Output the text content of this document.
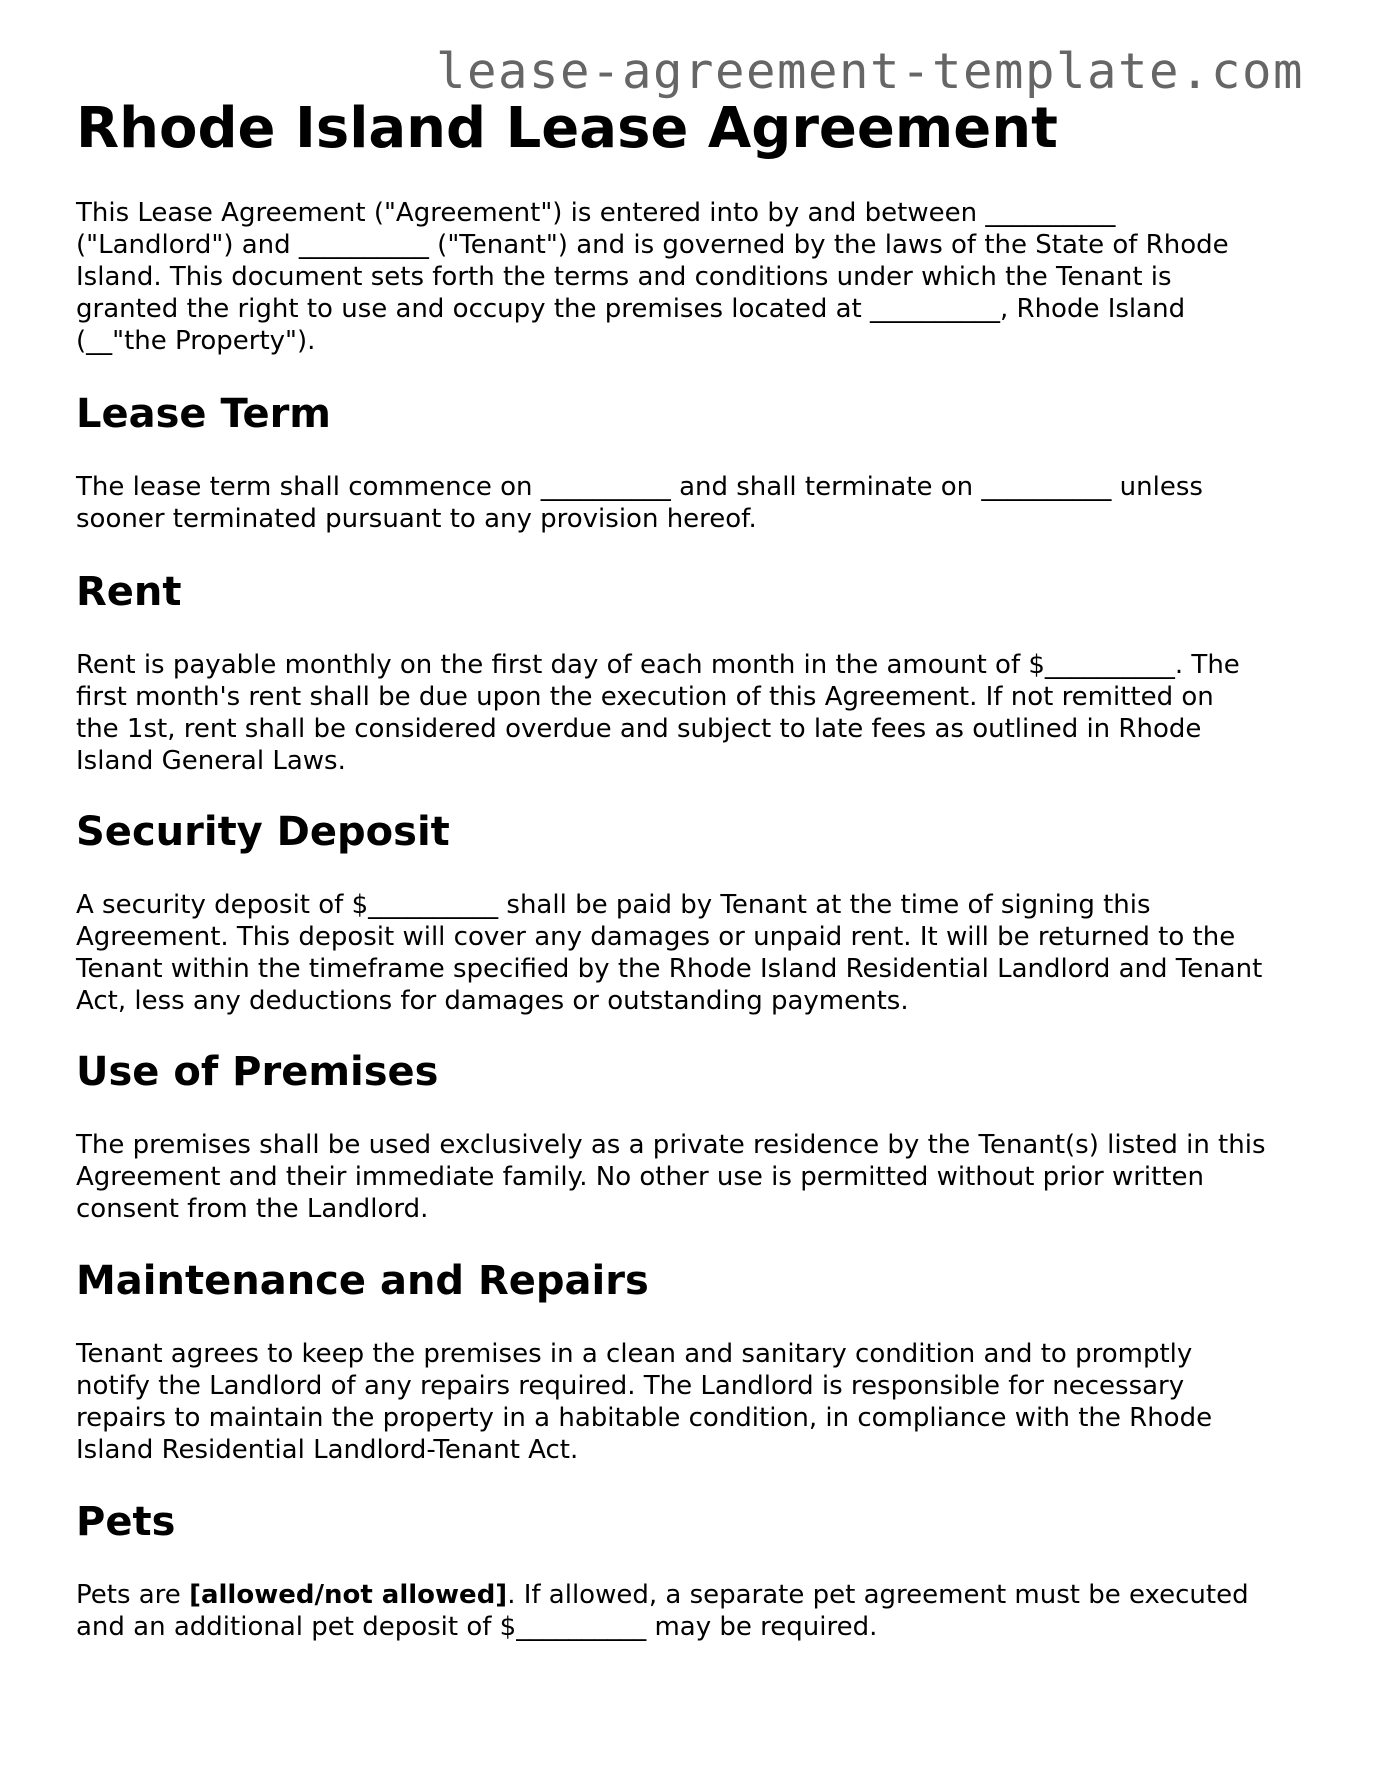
lease-agreement-template.com
Rhode Island Lease Agreement

This Lease Agreement ("Agreement") is entered into by and between __________
("Landlord") and __________ ("Tenant") and is governed by the laws of the State of Rhode
Island. This document sets forth the terms and conditions under which the Tenant is
granted the right to use and occupy the premises located at __________, Rhode Island
(__"the Property").

Lease Term

The lease term shall commence on __________ and shall terminate on __________ unless
sooner terminated pursuant to any provision hereof.

Rent

Rent is payable monthly on the first day of each month in the amount of $__________. The
first month's rent shall be due upon the execution of this Agreement. If not remitted on
the 1st, rent shall be considered overdue and subject to late fees as outlined in Rhode
Island General Laws.

Security Deposit

A security deposit of $__________ shall be paid by Tenant at the time of signing this
Agreement. This deposit will cover any damages or unpaid rent. It will be returned to the
Tenant within the timeframe specified by the Rhode Island Residential Landlord and Tenant
Act, less any deductions for damages or outstanding payments.

Use of Premises

The premises shall be used exclusively as a private residence by the Tenant(s) listed in this
Agreement and their immediate family. No other use is permitted without prior written
consent from the Landlord.

Maintenance and Repairs

Tenant agrees to keep the premises in a clean and sanitary condition and to promptly
notify the Landlord of any repairs required. The Landlord is responsible for necessary
repairs to maintain the property in a habitable condition, in compliance with the Rhode
Island Residential Landlord-Tenant Act.

Pets

Pets are [allowed/not allowed]. If allowed, a separate pet agreement must be executed
and an additional pet deposit of $__________ may be required.
